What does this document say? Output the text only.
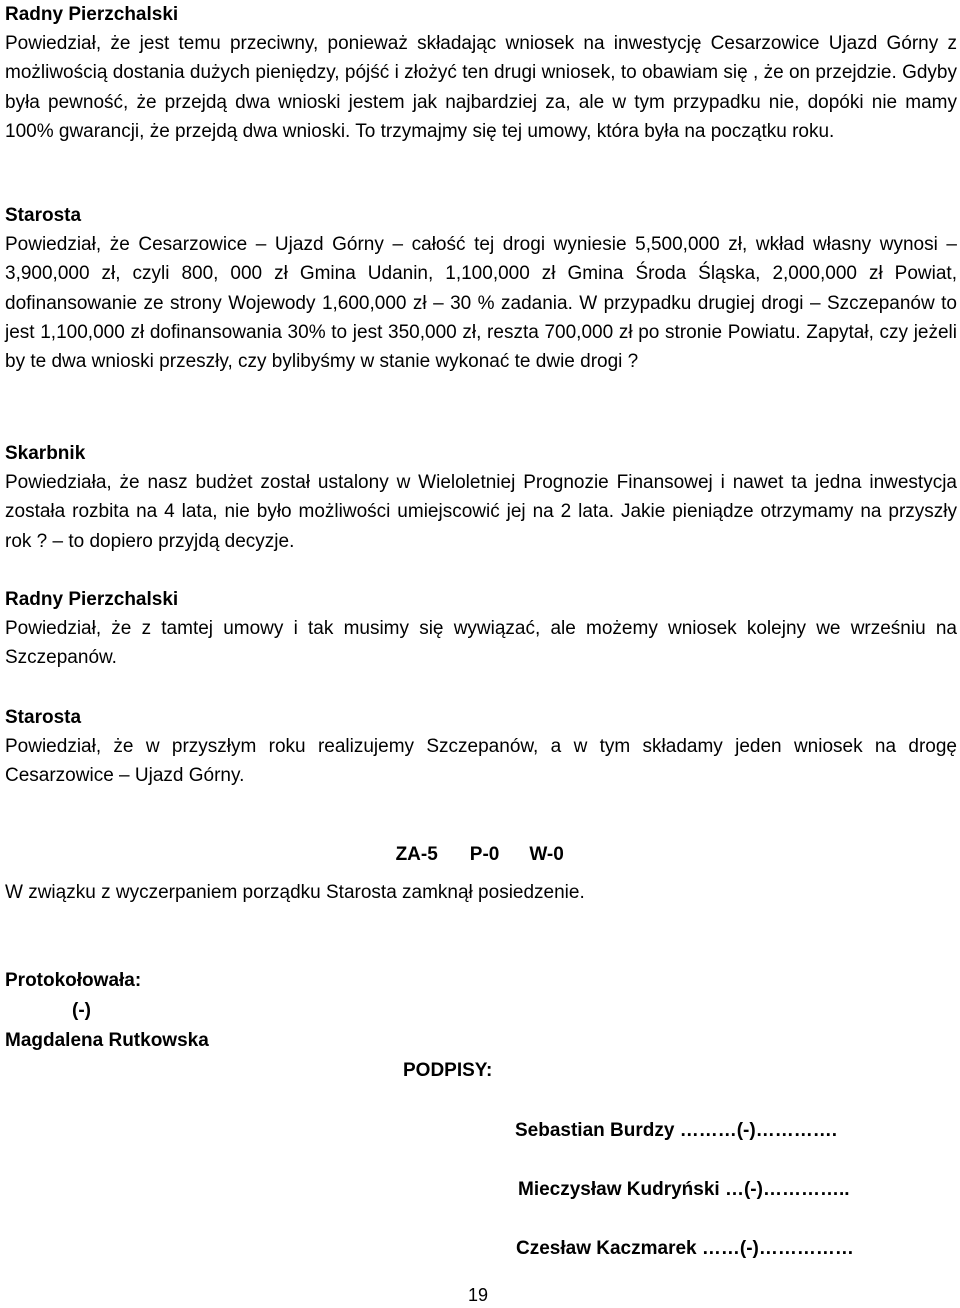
Radny Pierzchalski

Powiedział, że jest temu przeciwny, ponieważ składając wniosek na inwestycję Cesarzowice Ujazd Górny z możliwością dostania dużych pieniędzy, pójść i złożyć ten drugi wniosek, to obawiam się , że on przejdzie. Gdyby była pewność, że przejdą dwa wnioski jestem jak najbardziej za, ale w tym przypadku nie, dopóki nie mamy 100% gwarancji, że przejdą dwa wnioski. To trzymajmy się tej umowy, która była na początku roku.

Starosta

Powiedział, że Cesarzowice – Ujazd Górny – całość tej drogi wyniesie 5,500,000 zł, wkład własny wynosi – 3,900,000 zł, czyli 800, 000 zł Gmina Udanin, 1,100,000 zł Gmina Środa Śląska, 2,000,000 zł Powiat, dofinansowanie ze strony Wojewody 1,600,000 zł – 30 % zadania. W przypadku drugiej drogi – Szczepanów to jest 1,100,000 zł dofinansowania 30% to jest 350,000 zł, reszta 700,000 zł po stronie Powiatu. Zapytał, czy jeżeli by te dwa wnioski przeszły, czy bylibyśmy w stanie wykonać te dwie drogi ?

Skarbnik

Powiedziała, że nasz budżet został ustalony w Wieloletniej Prognozie Finansowej i nawet ta jedna inwestycja została rozbita na 4 lata, nie było możliwości umiejscowić jej na 2 lata. Jakie pieniądze otrzymamy na przyszły rok ? – to dopiero przyjdą decyzje.

Radny Pierzchalski

Powiedział, że z tamtej umowy i tak musimy się wywiązać, ale możemy wniosek kolejny we wrześniu na Szczepanów.

Starosta

Powiedział, że w przyszłym roku realizujemy Szczepanów, a w tym składamy jeden wniosek na drogę Cesarzowice – Ujazd Górny.

ZA-5 P-0 W-0

W związku z wyczerpaniem porządku Starosta zamknął posiedzenie.
Protokołowała:
(-)
Magdalena Rutkowska
PODPISY:
Sebastian Burdzy ………(-)………….
Mieczysław Kudryński …(-)…………..
Czesław Kaczmarek ……(-)……………
19
